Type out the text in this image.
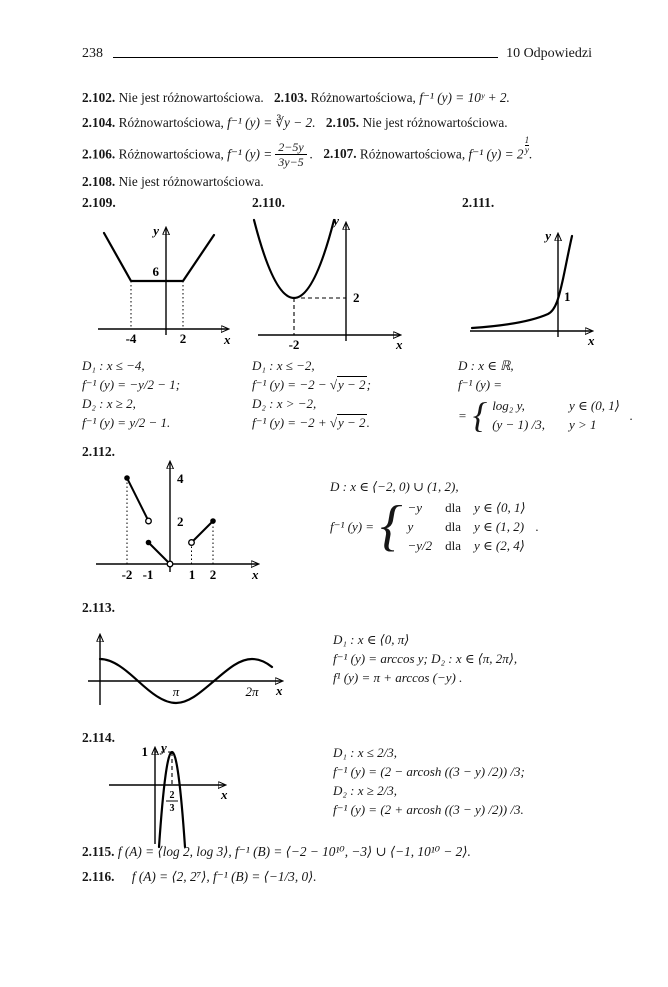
238	10 Odpowiedzi
2.102. Nie jest różnowartościowa. 2.103. Różnowartościowa, f⁻¹ (y) = 10ʸ + 2.
2.104. Różnowartościowa, f⁻¹ (y) = ∛y − 2. 2.105. Nie jest różnowartościowa.
2.106. Różnowartościowa, f⁻¹ $(y) = \frac{2-5y}{3y-5}$ . 2.107. Różnowartościowa, f⁻¹ $(y) = 2 \frac{1}{y}$ .
2.108. Nie jest różnowartościowa.
2.109.	2.110.	2.111.
6
-4	2
y
x
2
-2
y
x
1
y
x
D₁ : x ≤ −4,
f⁻¹ (y) = −y/2 − 1;
D₂ : x ≥ 2,
f⁻¹ (y) = y/2 − 1.
D₁ : x ≤ −2,
f⁻¹ (y) = −2 − √ y − 2;
D₂ : x > −2,
f⁻¹ (y) = −2 + √ y − 2.
D : x ∈ ℝ,
f⁻¹ (y) =
= { log₂ y,	y ∈ (0, 1⟩
(y − 1) /3, y > 1
.
2.112.
4
2
-2 -1	1 2	x
D : x ∈ ⟨−2, 0) ∪ (1, 2),
f⁻¹ (y) = { −y	dla y ∈ ⟨0, 1⟩
y	dla y ∈ (1, 2)
−y/2 dla y ∈ (2, 4⟩
.
2.113.
π	2π x
D₁ : x ∈ ⟨0, π⟩
f⁻¹ (y) = arccos y; D₂ : x ∈ ⟨π, 2π⟩,
f¹ (y) = π + arccos (−y) .
2.114.
1
2
3
y
x
D₁ : x ≤ 2/3,
f⁻¹ (y) = (2 − arcosh ((3 − y) /2)) /3;
D₂ : x ≥ 2/3,
f⁻¹ (y) = (2 + arcosh ((3 − y) /2)) /3.
2.115. f (A) = ⟨log 2, log 3⟩, f⁻¹ (B) = ⟨−2 − 10¹⁰, −3⟩ ∪ ⟨−1, 10¹⁰ − 2⟩.
2.116. f (A) = ⟨2, 2⁷⟩, f⁻¹ (B) = ⟨−1/3, 0⟩.
